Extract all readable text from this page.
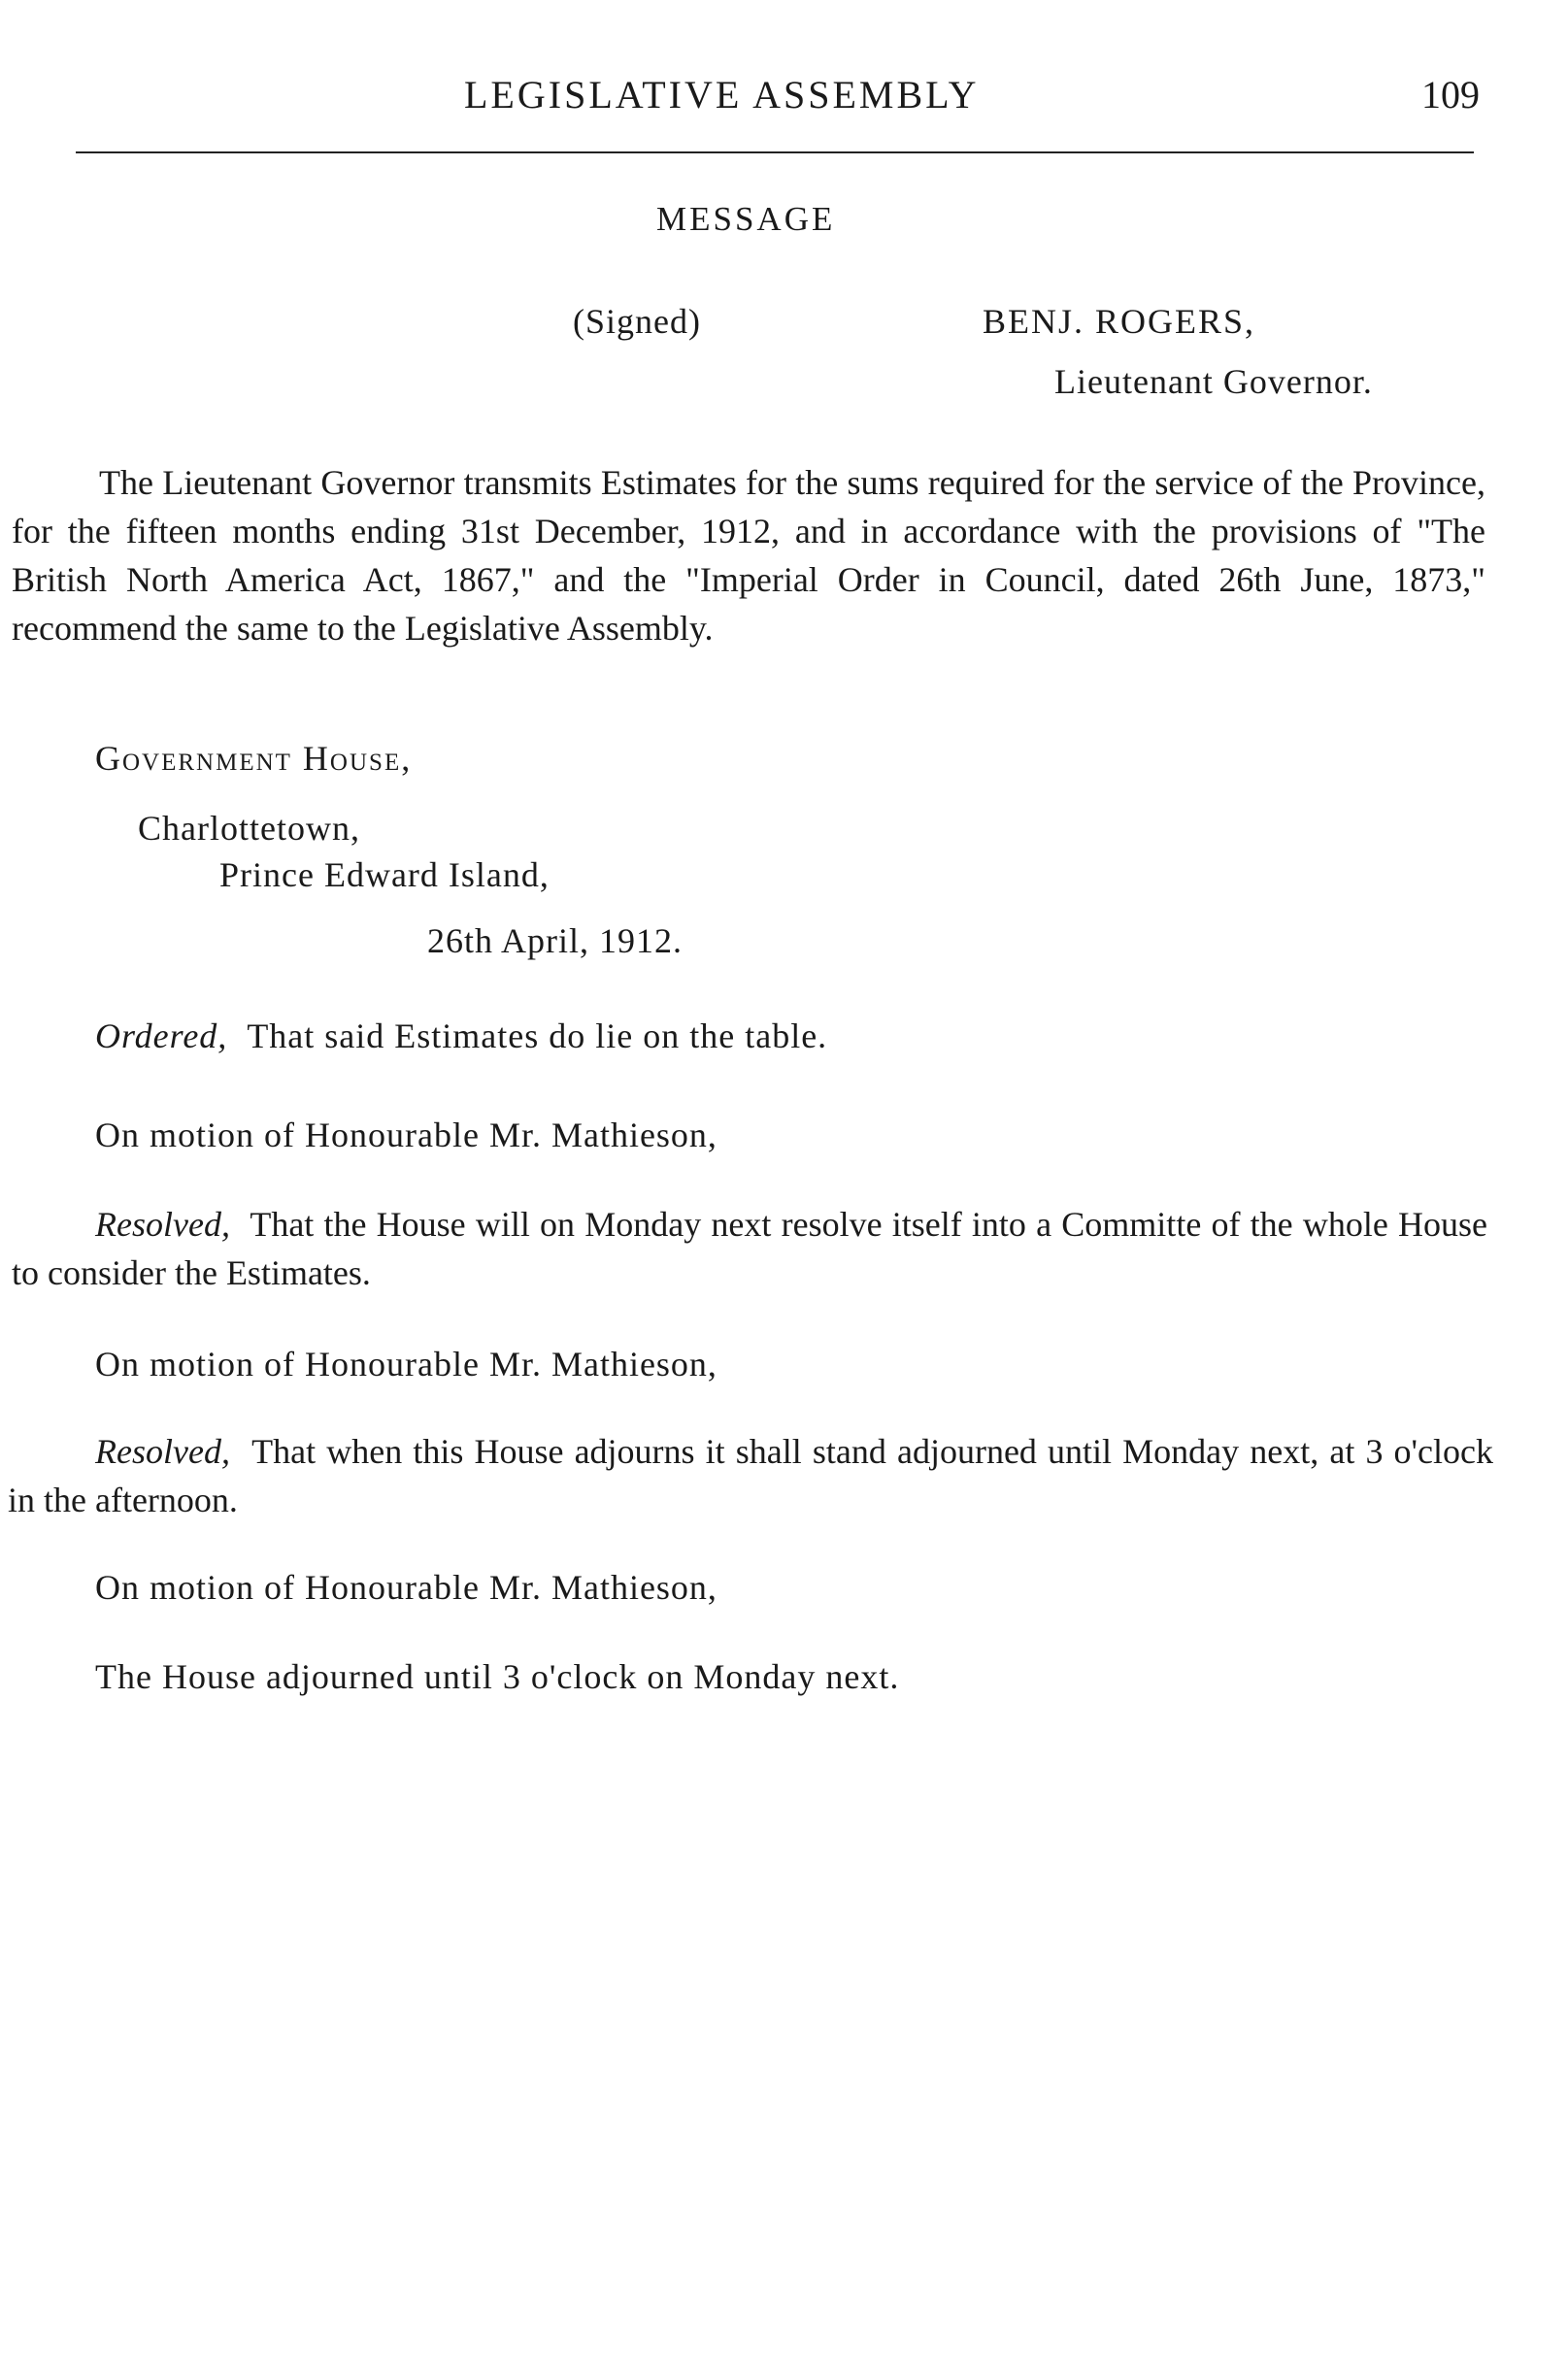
LEGISLATIVE ASSEMBLY	109
MESSAGE
(Signed)	BENJ. ROGERS,
Lieutenant Governor.
The Lieutenant Governor transmits Estimates for the sums required for the service of the Province, for the fifteen months ending 31st December, 1912, and in accordance with the provisions of "The British North America Act, 1867," and the "Imperial Order in Council, dated 26th June, 1873," recommend the same to the Legislative Assembly.
Government House,
Charlottetown,
Prince Edward Island,
26th April, 1912.
Ordered, That said Estimates do lie on the table.
On motion of Honourable Mr. Mathieson,
Resolved, That the House will on Monday next resolve itself into a Committe of the whole House to consider the Estimates.
On motion of Honourable Mr. Mathieson,
Resolved, That when this House adjourns it shall stand adjourned until Monday next, at 3 o'clock in the afternoon.
On motion of Honourable Mr. Mathieson,
The House adjourned until 3 o'clock on Monday next.
